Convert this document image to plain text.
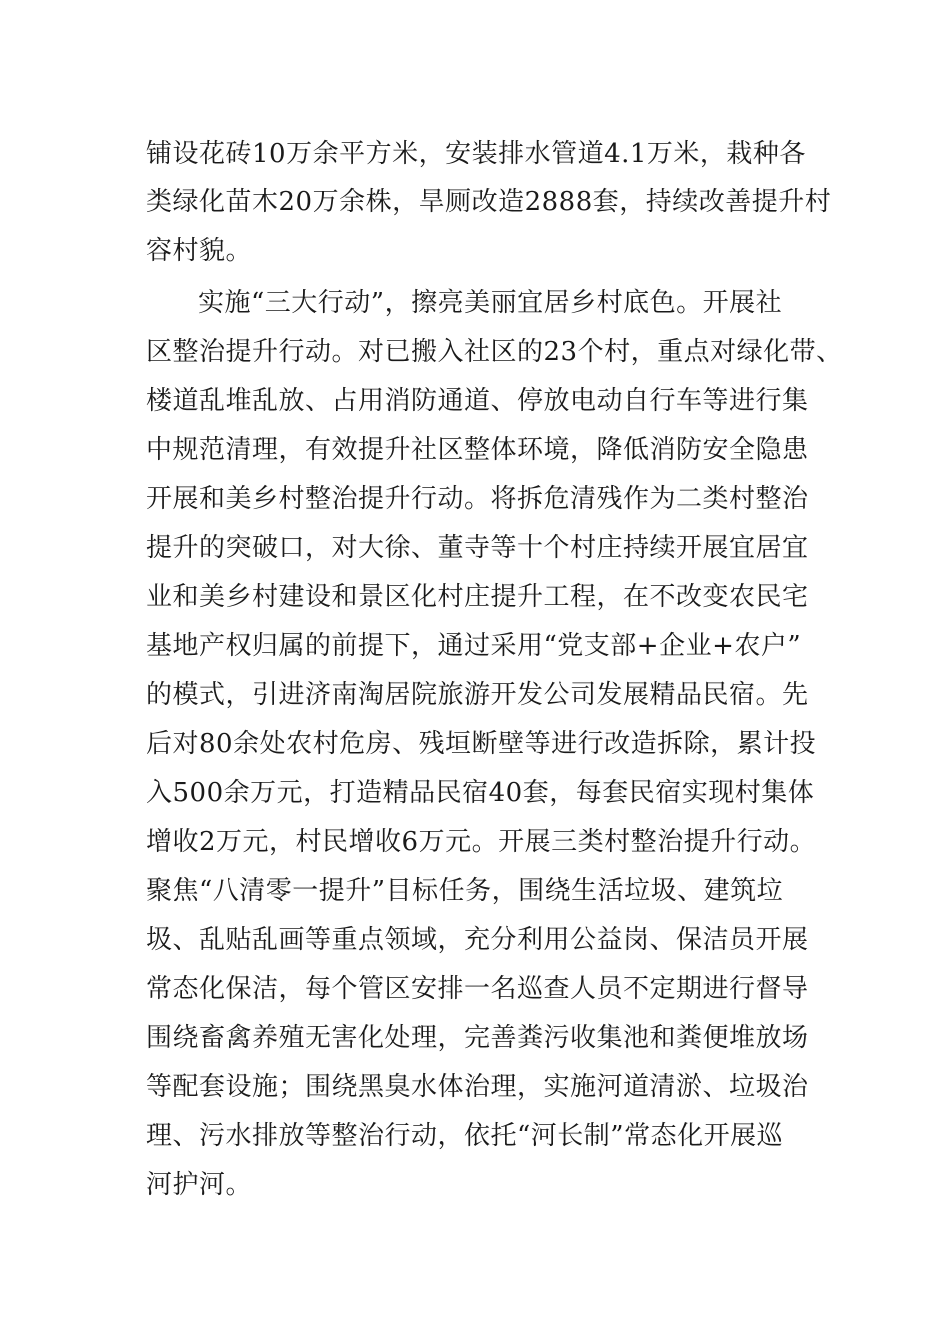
铺设花砖10万余平方米，安装排水管道4.1万米，栽种各
类绿化苗木20万余株，旱厕改造2888套，持续改善提升村
容村貌。
实施“三大行动”，擦亮美丽宜居乡村底色。开展社
区整治提升行动。对已搬入社区的23个村，重点对绿化带、
楼道乱堆乱放、占用消防通道、停放电动自行车等进行集
中规范清理，有效提升社区整体环境，降低消防安全隐患
开展和美乡村整治提升行动。将拆危清残作为二类村整治
提升的突破口，对大徐、董寺等十个村庄持续开展宜居宜
业和美乡村建设和景区化村庄提升工程，在不改变农民宅
基地产权归属的前提下，通过采用“党支部+企业+农户”
的模式，引进济南淘居院旅游开发公司发展精品民宿。先
后对80余处农村危房、残垣断壁等进行改造拆除，累计投
入500余万元，打造精品民宿40套，每套民宿实现村集体
增收2万元，村民增收6万元。开展三类村整治提升行动。
聚焦“八清零一提升”目标任务，围绕生活垃圾、建筑垃
圾、乱贴乱画等重点领域，充分利用公益岗、保洁员开展
常态化保洁，每个管区安排一名巡查人员不定期进行督导
围绕畜禽养殖无害化处理，完善粪污收集池和粪便堆放场
等配套设施；围绕黑臭水体治理，实施河道清淤、垃圾治
理、污水排放等整治行动，依托“河长制”常态化开展巡
河护河。
